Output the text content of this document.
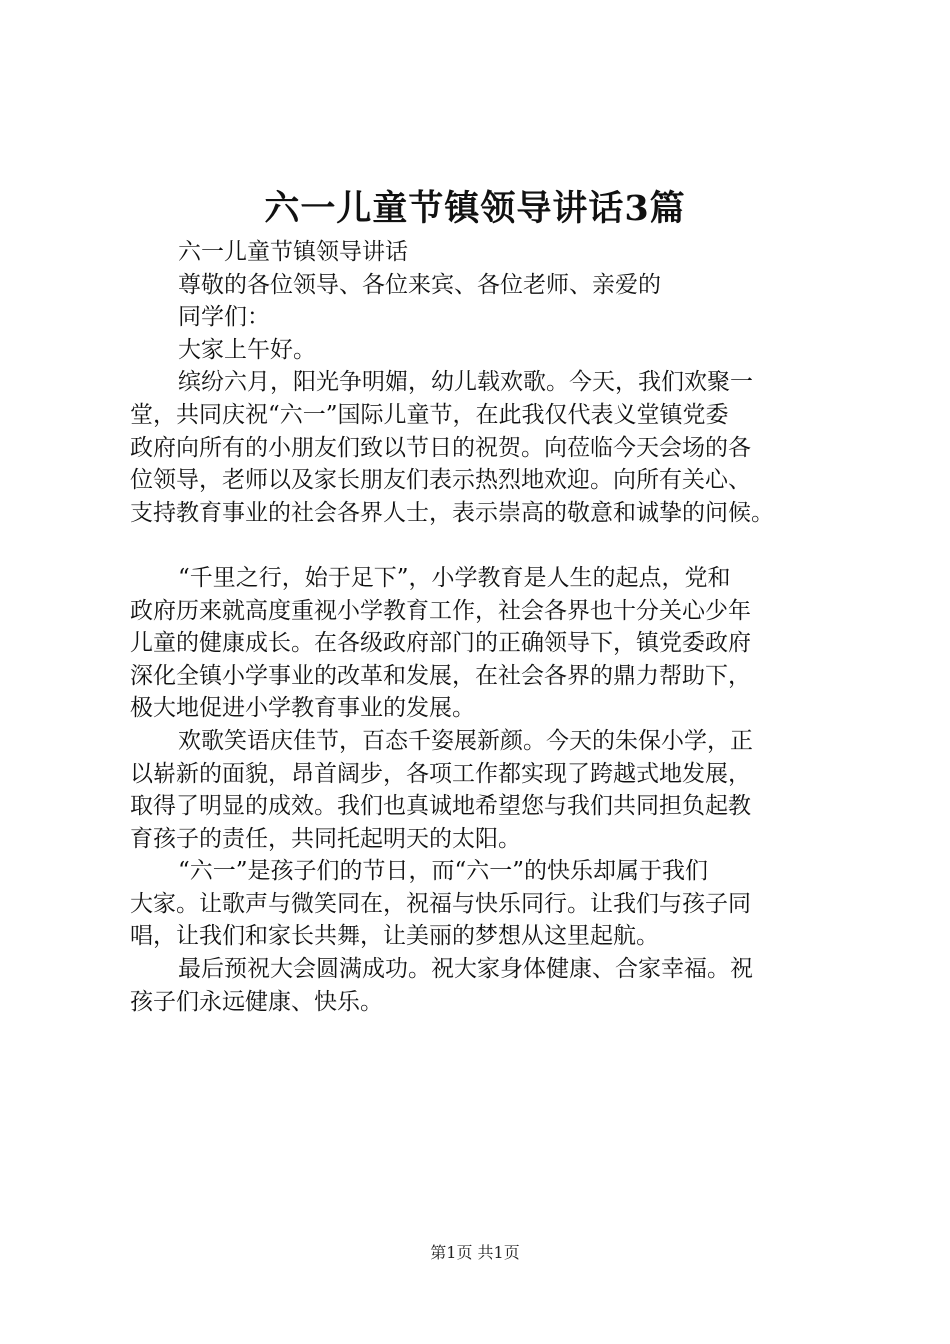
六一儿童节镇领导讲话3篇

六一儿童节镇领导讲话

尊敬的各位领导、各位来宾、各位老师、亲爱的

同学们：

大家上午好。

缤纷六月，阳光争明媚，幼儿载欢歌。今天，我们欢聚一

堂，共同庆祝“六一”国际儿童节，在此我仅代表义堂镇党委

政府向所有的小朋友们致以节日的祝贺。向莅临今天会场的各

位领导，老师以及家长朋友们表示热烈地欢迎。向所有关心、

支持教育事业的社会各界人士，表示崇高的敬意和诚挚的问候。

“千里之行，始于足下”，小学教育是人生的起点，党和

政府历来就高度重视小学教育工作，社会各界也十分关心少年

儿童的健康成长。在各级政府部门的正确领导下，镇党委政府

深化全镇小学事业的改革和发展，在社会各界的鼎力帮助下，

极大地促进小学教育事业的发展。

欢歌笑语庆佳节，百态千姿展新颜。今天的朱保小学，正

以崭新的面貌，昂首阔步，各项工作都实现了跨越式地发展，

取得了明显的成效。我们也真诚地希望您与我们共同担负起教

育孩子的责任，共同托起明天的太阳。

“六一”是孩子们的节日，而“六一”的快乐却属于我们

大家。让歌声与微笑同在，祝福与快乐同行。让我们与孩子同

唱，让我们和家长共舞，让美丽的梦想从这里起航。

最后预祝大会圆满成功。祝大家身体健康、合家幸福。祝

孩子们永远健康、快乐。

第1页 共1页
